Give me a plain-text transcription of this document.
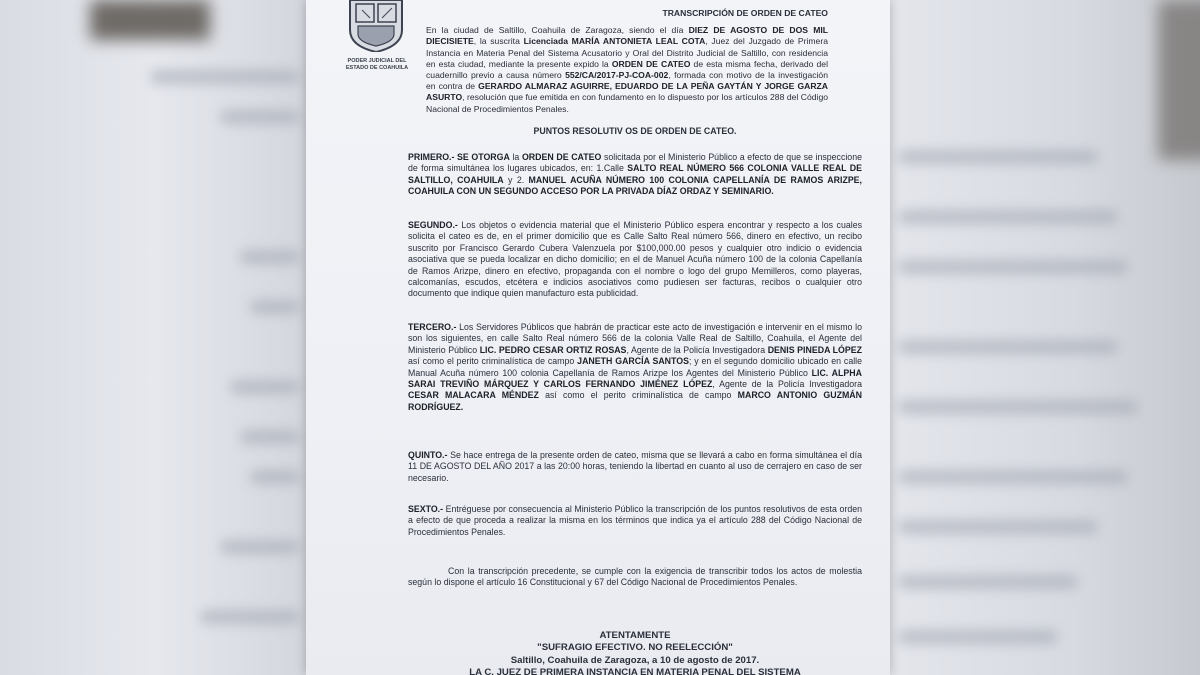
PODER JUDICIAL DEL ESTADO DE COAHUILA

TRANSCRIPCIÓN DE ORDEN DE CATEO

En la ciudad de Saltillo, Coahuila de Zaragoza, siendo el día DIEZ DE AGOSTO DE DOS MIL DIECISIETE, la suscrita Licenciada MARÍA ANTONIETA LEAL COTA, Juez del Juzgado de Primera Instancia en Materia Penal del Sistema Acusatorio y Oral del Distrito Judicial de Saltillo, con residencia en esta ciudad, mediante la presente expido la ORDEN DE CATEO de esta misma fecha, derivado del cuadernillo previo a causa número 552/CA/2017-PJ-COA-002, formada con motivo de la investigación en contra de GERARDO ALMARAZ AGUIRRE, EDUARDO DE LA PEÑA GAYTÁN Y JORGE GARZA ASURTO, resolución que fue emitida en con fundamento en lo dispuesto por los artículos 288 del Código Nacional de Procedimientos Penales.

PUNTOS RESOLUTIV OS DE ORDEN DE CATEO.

PRIMERO.- SE OTORGA la ORDEN DE CATEO solicitada por el Ministerio Público a efecto de que se inspeccione de forma simultánea los lugares ubicados, en: 1.Calle SALTO REAL NÚMERO 566 COLONIA VALLE REAL DE SALTILLO, COAHUILA y 2. MANUEL ACUÑA NÚMERO 100 COLONIA CAPELLANÍA DE RAMOS ARIZPE, COAHUILA CON UN SEGUNDO ACCESO POR LA PRIVADA DÍAZ ORDAZ Y SEMINARIO.

SEGUNDO.- Los objetos o evidencia material que el Ministerio Público espera encontrar y respecto a los cuales solicita el cateo es de, en el primer domicilio que es Calle Salto Real número 566, dinero en efectivo, un recibo suscrito por Francisco Gerardo Cubera Valenzuela por $100,000.00 pesos y cualquier otro indicio o evidencia asociativa que se pueda localizar en dicho domicilio; en el de Manuel Acuña número 100 de la colonia Capellanía de Ramos Arizpe, dinero en efectivo, propaganda con el nombre o logo del grupo Memilleros, como playeras, calcomanías, escudos, etcétera e indicios asociativos como pudiesen ser facturas, recibos o cualquier otro documento que indique quien manufacturo esta publicidad.

TERCERO.- Los Servidores Públicos que habrán de practicar este acto de investigación e intervenir en el mismo lo son los siguientes, en calle Salto Real número 566 de la colonia Valle Real de Saltillo, Coahuila, el Agente del Ministerio Público LIC. PEDRO CESAR ORTIZ ROSAS, Agente de la Policía Investigadora DENIS PINEDA LÓPEZ así como el perito criminalística de campo JANETH GARCÍA SANTOS; y en el segundo domicilio ubicado en calle Manual Acuña número 100 colonia Capellanía de Ramos Arizpe los Agentes del Ministerio Público LIC. ALPHA SARAI TREVIÑO MÁRQUEZ Y CARLOS FERNANDO JIMÉNEZ LÓPEZ, Agente de la Policía Investigadora CESAR MALACARA MÉNDEZ así como el perito criminalística de campo MARCO ANTONIO GUZMÁN RODRÍGUEZ.

QUINTO.- Se hace entrega de la presente orden de cateo, misma que se llevará a cabo en forma simultánea el día 11 DE AGOSTO DEL AÑO 2017 a las 20:00 horas, teniendo la libertad en cuanto al uso de cerrajero en caso de ser necesario.

SEXTO.- Entréguese por consecuencia al Ministerio Público la transcripción de los puntos resolutivos de esta orden a efecto de que proceda a realizar la misma en los términos que indica ya el artículo 288 del Código Nacional de Procedimientos Penales.

Con la transcripción precedente, se cumple con la exigencia de transcribir todos los actos de molestia según lo dispone el artículo 16 Constitucional y 67 del Código Nacional de Procedimientos Penales.

ATENTAMENTE
"SUFRAGIO EFECTIVO. NO REELECCIÓN"
Saltillo, Coahuila de Zaragoza, a 10 de agosto de 2017.
LA C. JUEZ DE PRIMERA INSTANCIA EN MATERIA PENAL DEL SISTEMA
